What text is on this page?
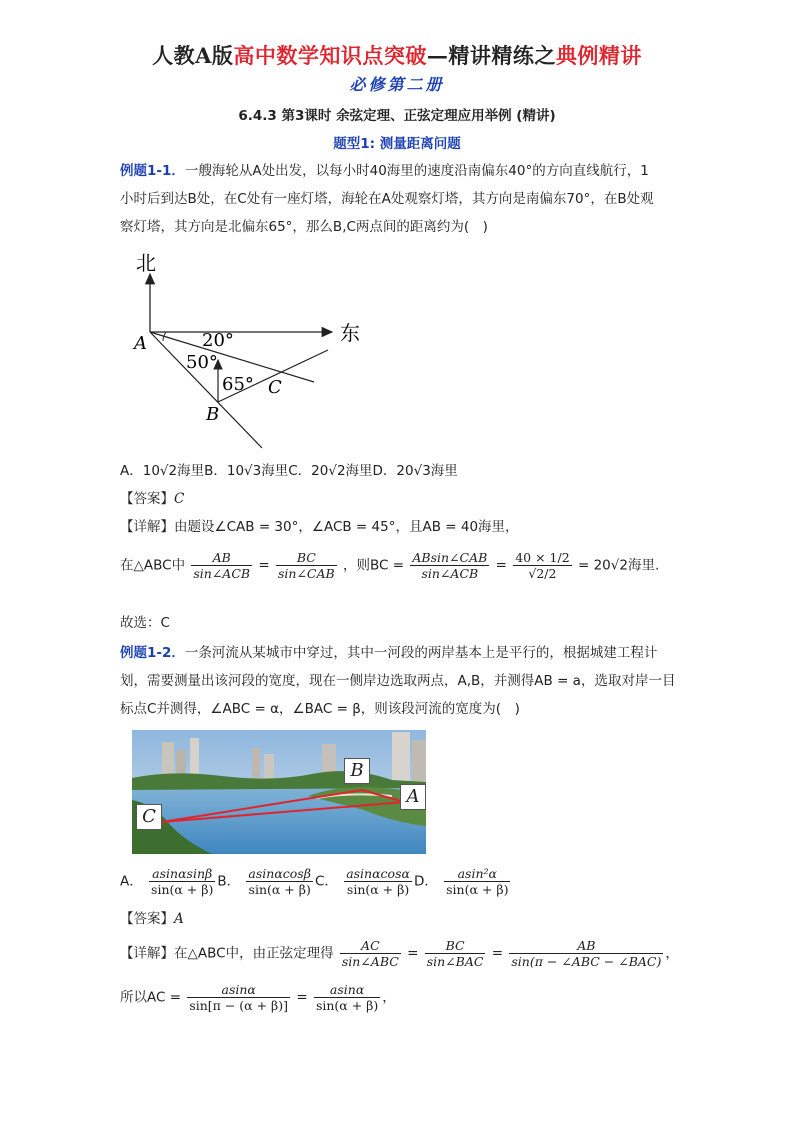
人教A版高中数学知识点突破—精讲精练之典例精讲
必修第二册
6.4.3 第3课时 余弦定理、正弦定理应用举例 (精讲)
题型1: 测量距离问题
例题1-1．一艘海轮从A处出发，以每小时40海里的速度沿南偏东40°的方向直线航行，1
小时后到达B处，在C处有一座灯塔，海轮在A处观察灯塔，其方向是南偏东70°，在B处观
察灯塔，其方向是北偏东65°，那么B,C两点间的距离约为(　)
北
东
A
B
C
20°
50°
65°
A．10√2海里B．10√3海里C．20√2海里D．20√3海里
【答案】C
【详解】由题设∠CAB = 30°，∠ACB = 45°，且AB = 40海里，
在△ABC中 $\frac{AB}{\text{sin∠ACB}} = \frac{BC}{\text{sin∠CAB}}$ ，则BC = $\frac{\text{ABsin∠CAB}}{\text{sin∠ACB}} = \frac{40 \times 1/2}{√2/2} = 20√2$海里.
故选：C
例题1-2．一条河流从某城市中穿过，其中一河段的两岸基本上是平行的，根据城建工程计
划，需要测量出该河段的宽度，现在一侧岸边选取两点，A,B，并测得AB = a，选取对岸一目
标点C并测得，∠ABC = α，∠BAC = β，则该段河流的宽度为(　)
B
A
C
A． $\frac{asin\alpha\sin\beta}{\sin(\alpha + \beta)}$ B． $\frac{asin\alpha\cos\beta}{\sin(\alpha + \beta)}$ C． $\frac{asin\alpha\cos\alpha}{\sin(\alpha + \beta)}$ D． $\frac{\text{asin²α}}{\sin(\alpha + \beta)}$
【答案】A
【详解】在△ABC中，由正弦定理得 $\frac{AC}{\text{sin∠ABC}} = \frac{BC}{\text{sin∠BAC}} = \frac{AB}{\text{sin(π − ∠ABC − ∠BAC)}}$ ，
所以AC = $\frac{asin\alpha}{\sin[\pi - (\alpha + \beta)]} = \frac{asin\alpha}{\sin(\alpha + \beta)}$ ，
